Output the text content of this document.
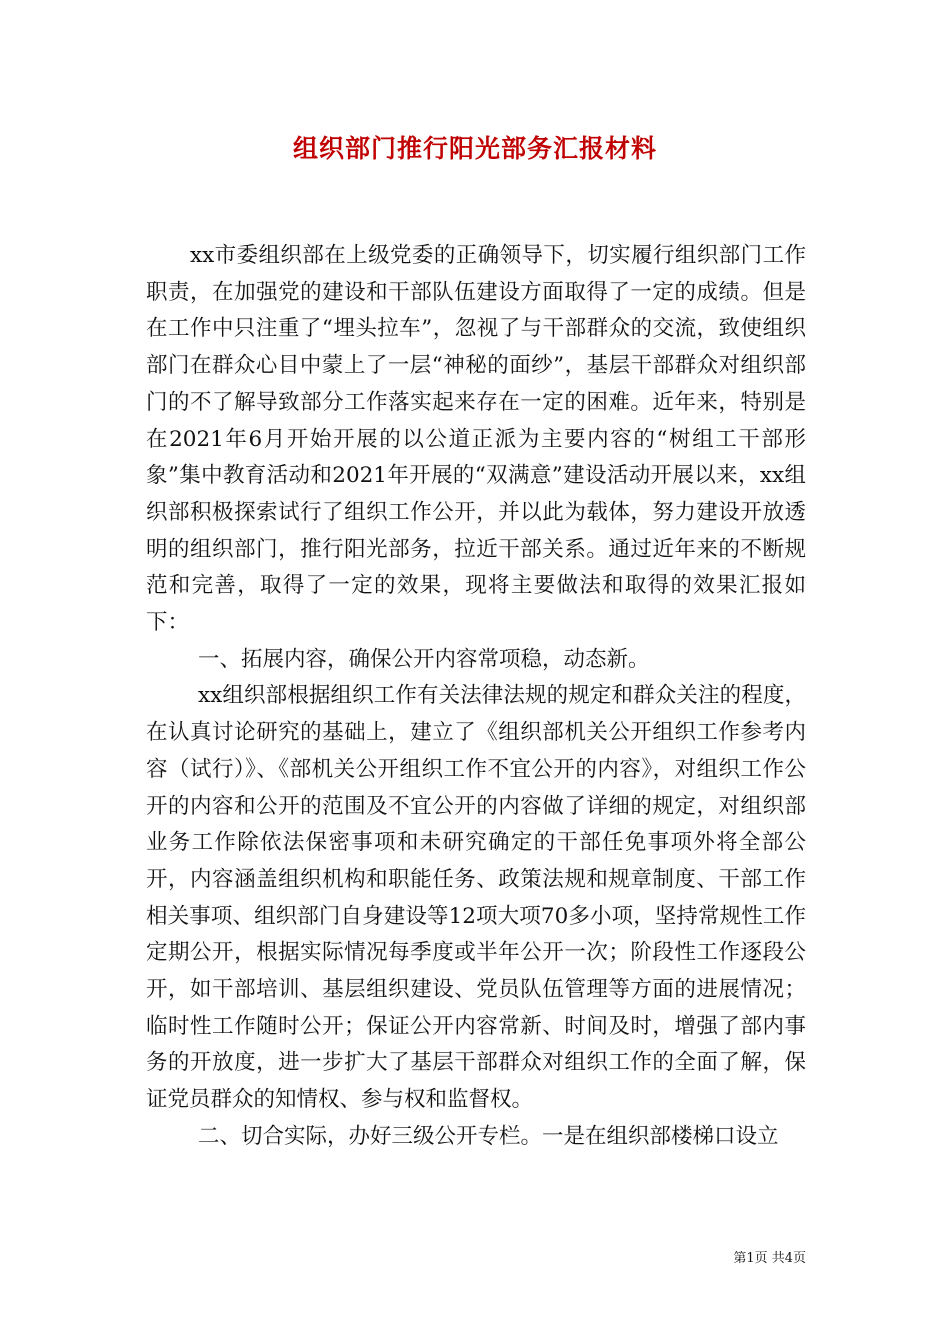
组织部门推行阳光部务汇报材料

xx市委组织部在上级党委的正确领导下，切实履行组织部门工作职责，在加强党的建设和干部队伍建设方面取得了一定的成绩。但是在工作中只注重了“埋头拉车”，忽视了与干部群众的交流，致使组织部门在群众心目中蒙上了一层“神秘的面纱”，基层干部群众对组织部门的不了解导致部分工作落实起来存在一定的困难。近年来，特别是在2021年6月开始开展的以公道正派为主要内容的“树组工干部形象”集中教育活动和2021年开展的“双满意”建设活动开展以来，xx组织部积极探索试行了组织工作公开，并以此为载体，努力建设开放透明的组织部门，推行阳光部务，拉近干部关系。通过近年来的不断规范和完善，取得了一定的效果，现将主要做法和取得的效果汇报如下：

一、拓展内容，确保公开内容常项稳，动态新。

xx组织部根据组织工作有关法律法规的规定和群众关注的程度，在认真讨论研究的基础上，建立了《组织部机关公开组织工作参考内容（试行）》、《部机关公开组织工作不宜公开的内容》，对组织工作公开的内容和公开的范围及不宜公开的内容做了详细的规定，对组织部业务工作除依法保密事项和未研究确定的干部任免事项外将全部公开，内容涵盖组织机构和职能任务、政策法规和规章制度、干部工作相关事项、组织部门自身建设等12项大项70多小项，坚持常规性工作定期公开，根据实际情况每季度或半年公开一次；阶段性工作逐段公开，如干部培训、基层组织建设、党员队伍管理等方面的进展情况；临时性工作随时公开；保证公开内容常新、时间及时，增强了部内事务的开放度，进一步扩大了基层干部群众对组织工作的全面了解，保证党员群众的知情权、参与权和监督权。

二、切合实际，办好三级公开专栏。一是在组织部楼梯口设立

第1页 共4页
